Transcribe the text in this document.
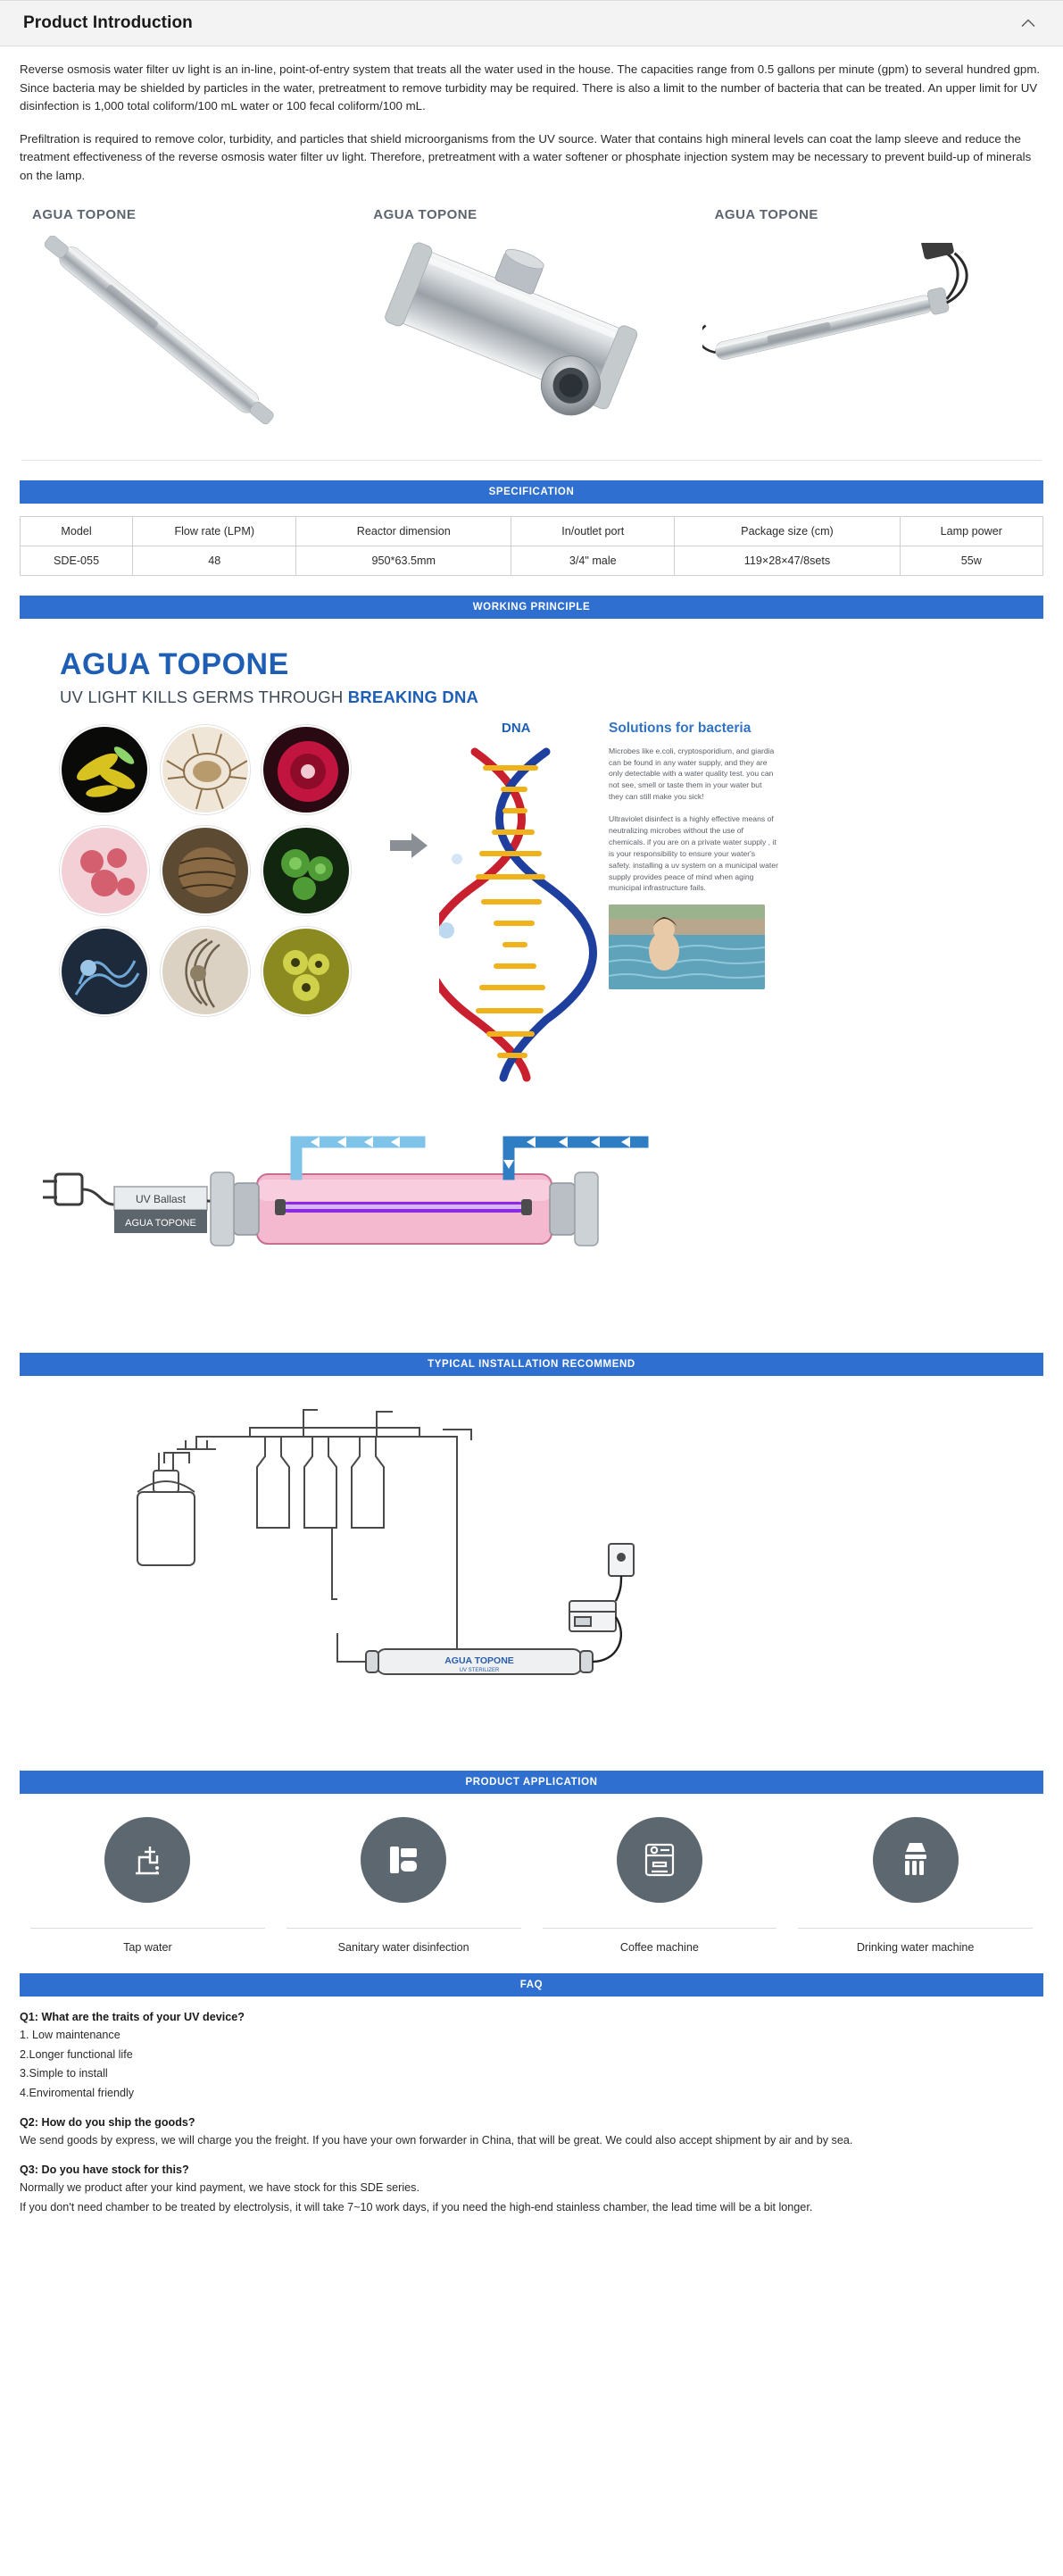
Product Introduction

Reverse osmosis water filter uv light is an in-line, point-of-entry system that treats all the water used in the house. The capacities range from 0.5 gallons per minute (gpm) to several hundred gpm. Since bacteria may be shielded by particles in the water, pretreatment to remove turbidity may be required. There is also a limit to the number of bacteria that can be treated. An upper limit for UV disinfection is 1,000 total coliform/100 mL water or 100 fecal coliform/100 mL.

Prefiltration is required to remove color, turbidity, and particles that shield microorganisms from the UV source. Water that contains high mineral levels can coat the lamp sleeve and reduce the treatment effectiveness of the reverse osmosis water filter uv light. Therefore, pretreatment with a water softener or phosphate injection system may be necessary to prevent build-up of minerals on the lamp.

AGUA TOPONE	AGUA TOPONE	AGUA TOPONE
SPECIFICATION
Model	Flow rate (LPM)	Reactor dimension	In/outlet port	Package size (cm)	Lamp power
SDE-055	48	950*63.5mm	3/4" male	119×28×47/8sets	55w
WORKING PRINCIPLE
AGUA TOPONE
UV LIGHT KILLS GERMS THROUGH BREAKING DNA
DNA	Solutions for bacteria

Microbes like e.coli, cryptosporidium, and giardia can be found in any water supply, and they are only detectable with a water quality test. you can not see, smell or taste them in your water but they can still make you sick!

Ultraviolet disinfect is a highly effective means of neutralizing microbes without the use of chemicals. if you are on a private water supply , it is your responsibility to ensure your water's safety. installing a uv system on a municipal water supply provides peace of mind when aging municipal infrastructure fails.

UV Ballast
AGUA TOPONE
TYPICAL INSTALLATION RECOMMEND
AGUA TOPONE
UV STERILIZER
PRODUCT APPLICATION
Tap water	Sanitary water disinfection	Coffee machine	Drinking water machine
FAQ

Q1: What are the traits of your UV device?

1. Low maintenance

2.Longer functional life

3.Simple to install

4.Enviromental friendly

Q2: How do you ship the goods?

We send goods by express, we will charge you the freight. If you have your own forwarder in China, that will be great. We could also accept shipment by air and by sea.

Q3: Do you have stock for this?

Normally we product after your kind payment, we have stock for this SDE series.

If you don't need chamber to be treated by electrolysis, it will take 7~10 work days, if you need the high-end stainless chamber, the lead time will be a bit longer.
